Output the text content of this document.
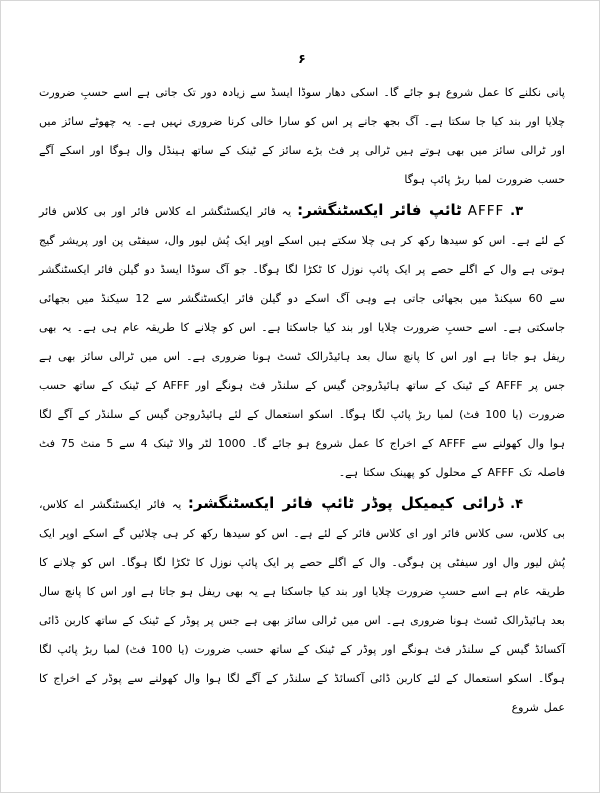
۶

پانی نکلنے کا عمل شروع ہو جائے گا۔ اسکی دھار سوڈا ایسڈ سے زیادہ دور تک جاتی ہے اسے حسبِ ضرورت چلایا اور بند کیا جا سکتا ہے۔ آگ بجھ جانے پر اس کو سارا خالی کرنا ضروری نہیں ہے۔ یہ چھوٹے سائز میں اور ٹرالی سائز میں بھی ہوتے ہیں ٹرالی پر فٹ بڑے سائز کے ٹینک کے ساتھ ہینڈل وال ہوگا اور اسکے آگے حسب ضرورت لمبا ربڑ پائپ ہوگا

۳. AFFF ٹائپ فائر ایکسٹنگشر: یہ فائر ایکسٹنگشر اے کلاس فائر اور بی کلاس فائر کے لئے ہے۔ اس کو سیدھا رکھ کر ہی چلا سکتے ہیں اسکے اوپر ایک پُش لیور وال، سیفٹی پن اور پریشر گیج ہوتی ہے وال کے اگلے حصے پر ایک پائپ نوزل کا ٹکڑا لگا ہوگا۔ جو آگ سوڈا ایسڈ دو گیلن فائر ایکسٹنگشر سے 60 سیکنڈ میں بجھائی جاتی ہے وہی آگ اسکے دو گیلن فائر ایکسٹنگشر سے 12 سیکنڈ میں بجھائی جاسکتی ہے۔ اسے حسبِ ضرورت چلایا اور بند کیا جاسکتا ہے۔ اس کو چلانے کا طریقہ عام ہی ہے۔ یہ بھی ریفل ہو جاتا ہے اور اس کا پانچ سال بعد ہائیڈرالک ٹسٹ ہونا ضروری ہے۔ اس میں ٹرالی سائز بھی ہے جس پر AFFF کے ٹینک کے ساتھ ہائیڈروجن گیس کے سلنڈر فٹ ہونگے اور AFFF کے ٹینک کے ساتھ حسب ضرورت (یا 100 فٹ) لمبا ربڑ پائپ لگا ہوگا۔ اسکو استعمال کے لئے ہائیڈروجن گیس کے سلنڈر کے آگے لگا ہوا وال کھولنے سے AFFF کے اخراج کا عمل شروع ہو جائے گا۔ 1000 لٹر والا ٹینک 4 سے 5 منٹ 75 فٹ فاصلہ تک AFFF کے محلول کو پھینک سکتا ہے۔

۴. ڈرائی کیمیکل پوڈر ٹائپ فائر ایکسٹنگشر: یہ فائر ایکسٹنگشر اے کلاس، بی کلاس، سی کلاس فائر اور ای کلاس فائر کے لئے ہے۔ اس کو سیدھا رکھ کر ہی چلائیں گے اسکے اوپر ایک پُش لیور وال اور سیفٹی پن ہوگی۔ وال کے اگلے حصے پر ایک پائپ نوزل کا ٹکڑا لگا ہوگا۔ اس کو چلانے کا طریقہ عام ہے اسے حسبِ ضرورت چلایا اور بند کیا جاسکتا ہے یہ بھی ریفل ہو جاتا ہے اور اس کا پانچ سال بعد ہائیڈرالک ٹسٹ ہونا ضروری ہے۔ اس میں ٹرالی سائز بھی ہے جس پر پوڈر کے ٹینک کے ساتھ کاربن ڈائی آکسائڈ گیس کے سلنڈر فٹ ہونگے اور پوڈر کے ٹینک کے ساتھ حسب ضرورت (یا 100 فٹ) لمبا ربڑ پائپ لگا ہوگا۔ اسکو استعمال کے لئے کاربن ڈائی آکسائڈ کے سلنڈر کے آگے لگا ہوا وال کھولنے سے پوڈر کے اخراج کا عمل شروع
